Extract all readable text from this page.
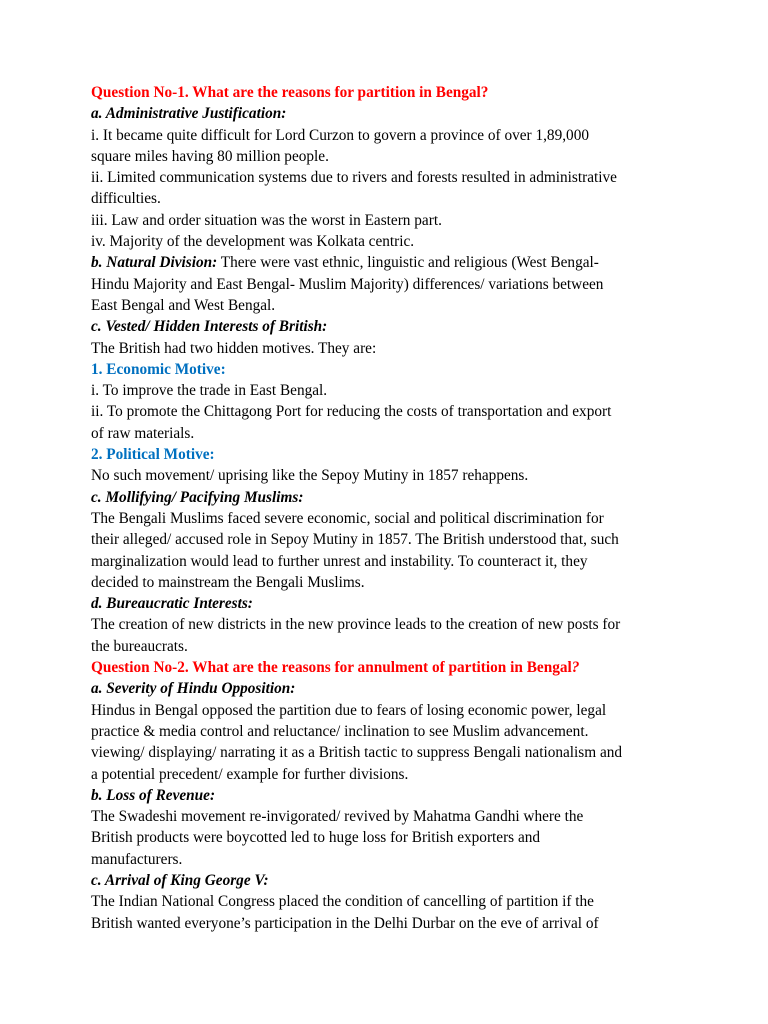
Question No-1. What are the reasons for partition in Bengal?

a. Administrative Justification:

i. It became quite difficult for Lord Curzon to govern a province of over 1,89,000

square miles having 80 million people.

ii. Limited communication systems due to rivers and forests resulted in administrative

difficulties.

iii. Law and order situation was the worst in Eastern part.

iv. Majority of the development was Kolkata centric.

b. Natural Division: There were vast ethnic, linguistic and religious (West Bengal-

Hindu Majority and East Bengal- Muslim Majority) differences/ variations between

East Bengal and West Bengal.

c. Vested/ Hidden Interests of British:

The British had two hidden motives. They are:

1. Economic Motive:

i. To improve the trade in East Bengal.

ii. To promote the Chittagong Port for reducing the costs of transportation and export

of raw materials.

2. Political Motive:

No such movement/ uprising like the Sepoy Mutiny in 1857 rehappens.

c. Mollifying/ Pacifying Muslims:

The Bengali Muslims faced severe economic, social and political discrimination for

their alleged/ accused role in Sepoy Mutiny in 1857. The British understood that, such

marginalization would lead to further unrest and instability. To counteract it, they

decided to mainstream the Bengali Muslims.

d. Bureaucratic Interests:

The creation of new districts in the new province leads to the creation of new posts for

the bureaucrats.

Question No-2. What are the reasons for annulment of partition in Bengal?

a. Severity of Hindu Opposition:

Hindus in Bengal opposed the partition due to fears of losing economic power, legal

practice & media control and reluctance/ inclination to see Muslim advancement.

viewing/ displaying/ narrating it as a British tactic to suppress Bengali nationalism and

a potential precedent/ example for further divisions.

b. Loss of Revenue:

The Swadeshi movement re-invigorated/ revived by Mahatma Gandhi where the

British products were boycotted led to huge loss for British exporters and

manufacturers.

c. Arrival of King George V:

The Indian National Congress placed the condition of cancelling of partition if the

British wanted everyone’s participation in the Delhi Durbar on the eve of arrival of
